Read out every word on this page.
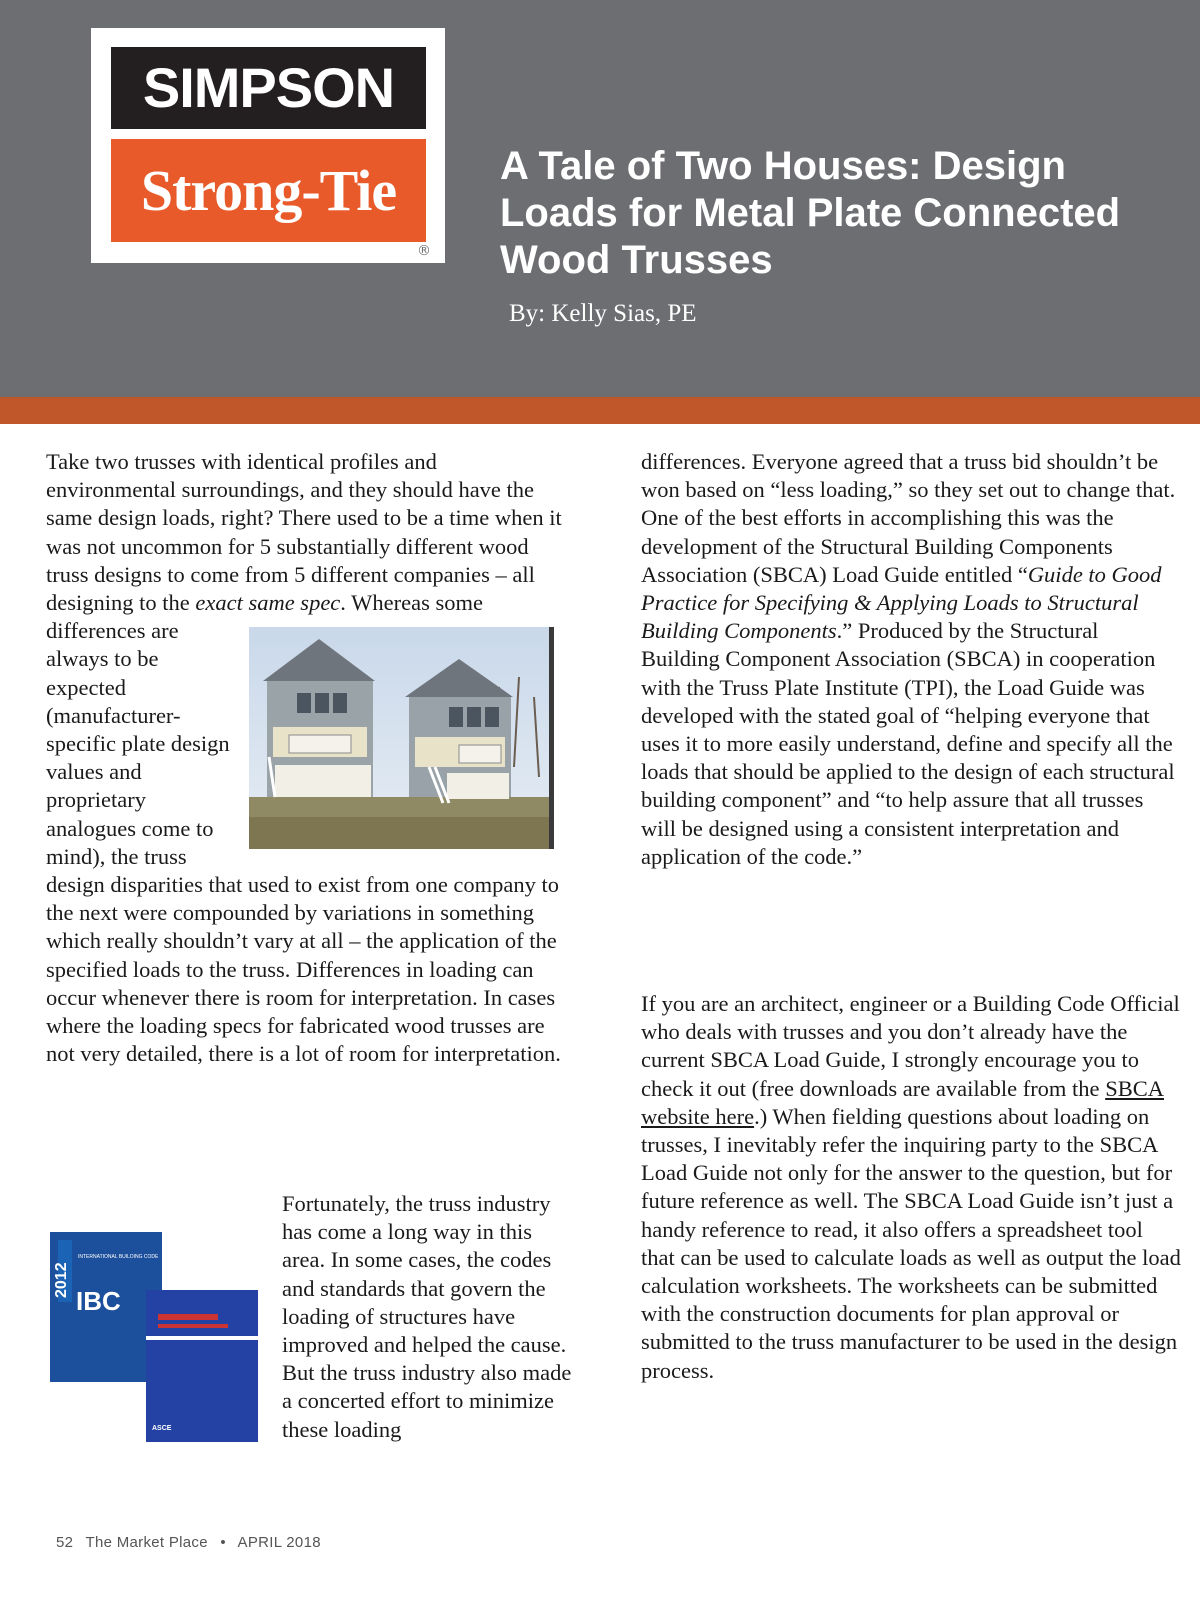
SIMPSON
Strong-Tie
®
A Tale of Two Houses: Design Loads for Metal Plate Connected Wood Trusses
By: Kelly Sias, PE

Take two trusses with identical profiles and environmental surroundings, and they should have the same design loads, right? There used to be a time when it was not uncommon for 5 substantially different wood truss designs to come from 5 different companies – all designing to the exact same spec
. Whereas some differences are always to be expected (manufacturer-specific plate design values and proprietary analogues come to mind), the truss design disparities that used to exist from one company to the next were compounded by variations in something which really shouldn’t vary at all – the application of the specified loads to the truss. Differences in loading can occur whenever there is room for interpretation. In cases where the loading specs for fabricated wood trusses are not very detailed, there is a lot of room for interpretation.

2012
INTERNATIONAL BUILDING CODE
IBC
ASCE
Fortunately, the truss industry has come a long way in this area. In some cases, the codes and standards that govern the loading of structures have improved and helped the cause. But the truss industry also made a concerted effort to minimize these loading

differences. Everyone agreed that a truss bid shouldn’t be won based on “less loading,” so they set out to change that. One of the best efforts in accomplishing this was the development of the Structural Building Components Association (SBCA) Load Guide entitled “Guide to Good Practice for Specifying & Applying Loads to Structural Building Components.” Produced by the Structural Building Component Association (SBCA) in cooperation with the Truss Plate Institute (TPI), the Load Guide was developed with the stated goal of “helping everyone that uses it to more easily understand, define and specify all the loads that should be applied to the design of each structural building component” and “to help assure that all trusses will be designed using a consistent interpretation and application of the code.”

If you are an architect, engineer or a Building Code Official who deals with trusses and you don’t already have the current SBCA Load Guide, I strongly encourage you to check it out (free downloads are available from the SBCA website here.) When fielding questions about loading on trusses, I inevitably refer the inquiring party to the SBCA Load Guide not only for the answer to the question, but for future reference as well. The SBCA Load Guide isn’t just a handy reference to read, it also offers a spreadsheet tool that can be used to calculate loads as well as output the load calculation worksheets. The worksheets can be submitted with the construction documents for plan approval or submitted to the truss manufacturer to be used in the design process.

52 The Market Place • APRIL 2018
